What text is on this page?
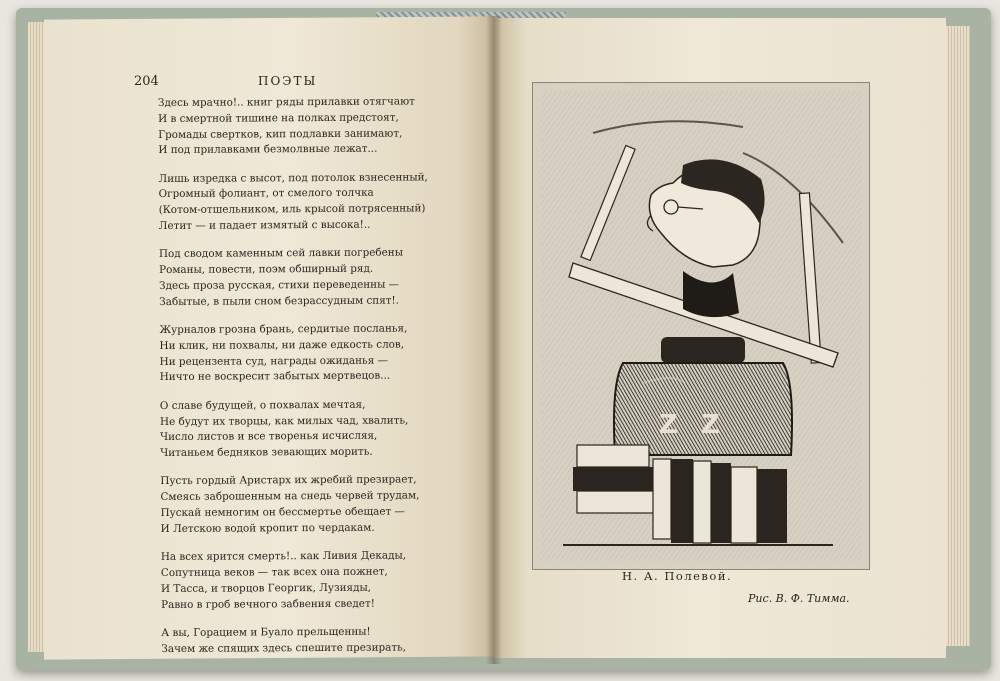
204	ПОЭТЫ
Здесь мрачно!.. книг ряды прилавки отягчают
И в смертной тишине на полках предстоят,
Громады свертков, кип подлавки занимают,
И под прилавками безмолвные лежат...
Лишь изредка с высот, под потолок взнесенный,
Огромный фолиант, от смелого толчка
(Котом-отшельником, иль крысой потрясенный)
Летит — и падает измятый с высока!..
Под сводом каменным сей лавки погребены
Романы, повести, поэм обширный ряд.
Здесь проза русская, стихи переведенны —
Забытые, в пыли сном безрассудным спят!.
Журналов грозна брань, сердитые посланья,
Ни клик, ни похвалы, ни даже едкость слов,
Ни рецензента суд, награды ожиданья —
Ничто не воскресит забытых мертвецов...
О славе будущей, о похвалах мечтая,
Не будут их творцы, как милых чад, хвалить,
Число листов и все творенья исчисляя,
Читаньем бедняков зевающих морить.
Пусть гордый Аристарх их жребий презирает,
Смеясь заброшенным на снедь червей трудам,
Пускай немногим он бессмертье обещает —
И Летскою водой кропит по чердакам.
На всех ярится смерть!.. как Ливия Декады,
Сопутница веков — так всех она пожнет,
И Тасса, и творцов Георгик, Лузияды,
Равно в гроб вечного забвения сведет!
А вы, Горацием и Буало прельщенны!
Зачем же спящих здесь спешите презирать,
Z Z
Н. А. Полевой.
Рис. В. Ф. Тимма.
